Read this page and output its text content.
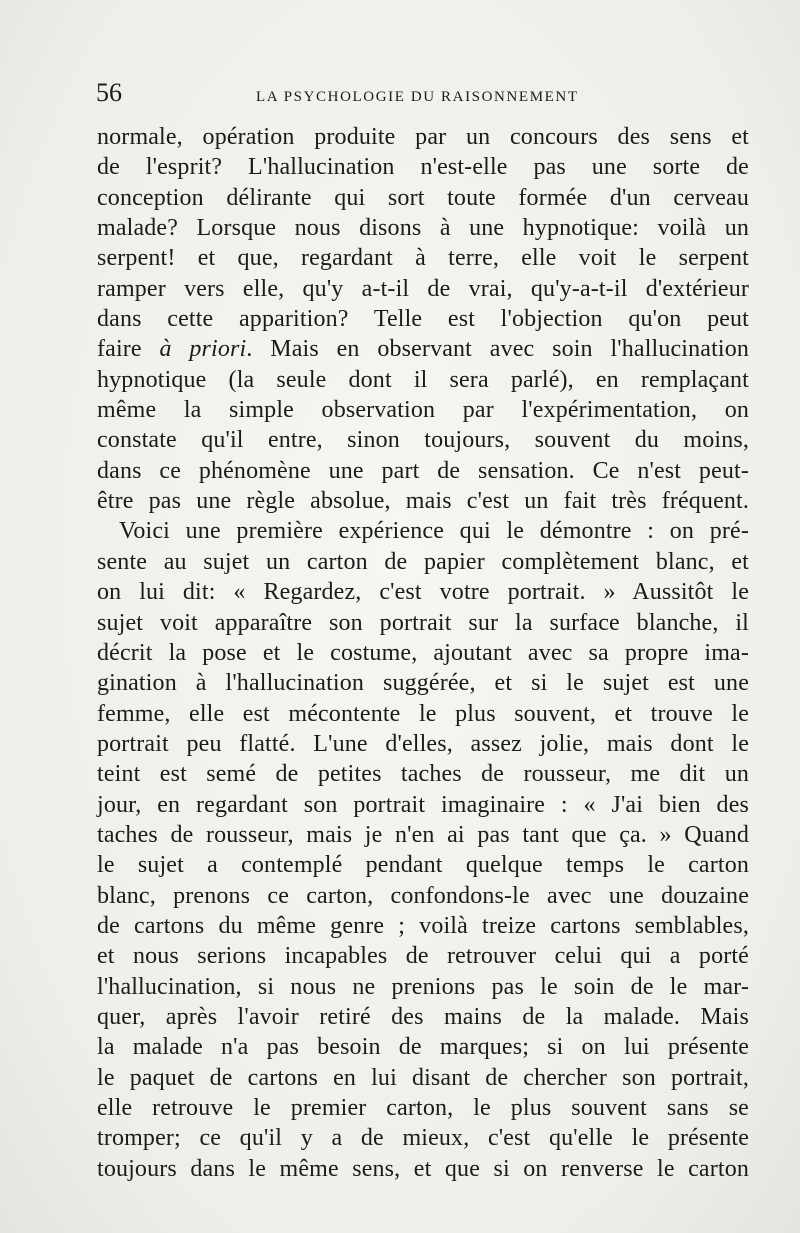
56	LA PSYCHOLOGIE DU RAISONNEMENT
normale, opération produite par un concours des sens et
de l'esprit? L'hallucination n'est-elle pas une sorte de
conception délirante qui sort toute formée d'un cerveau
malade? Lorsque nous disons à une hypnotique: voilà un
serpent! et que, regardant à terre, elle voit le serpent
ramper vers elle, qu'y a-t-il de vrai, qu'y-a-t-il d'extérieur
dans cette apparition? Telle est l'objection qu'on peut
faire à priori. Mais en observant avec soin l'hallucination
hypnotique (la seule dont il sera parlé), en remplaçant
même la simple observation par l'expérimentation, on
constate qu'il entre, sinon toujours, souvent du moins,
dans ce phénomène une part de sensation. Ce n'est peut-
être pas une règle absolue, mais c'est un fait très fréquent.
Voici une première expérience qui le démontre : on pré-
sente au sujet un carton de papier complètement blanc, et
on lui dit: « Regardez, c'est votre portrait. » Aussitôt le
sujet voit apparaître son portrait sur la surface blanche, il
décrit la pose et le costume, ajoutant avec sa propre ima-
gination à l'hallucination suggérée, et si le sujet est une
femme, elle est mécontente le plus souvent, et trouve le
portrait peu flatté. L'une d'elles, assez jolie, mais dont le
teint est semé de petites taches de rousseur, me dit un
jour, en regardant son portrait imaginaire : « J'ai bien des
taches de rousseur, mais je n'en ai pas tant que ça. » Quand
le sujet a contemplé pendant quelque temps le carton
blanc, prenons ce carton, confondons-le avec une douzaine
de cartons du même genre ; voilà treize cartons semblables,
et nous serions incapables de retrouver celui qui a porté
l'hallucination, si nous ne prenions pas le soin de le mar-
quer, après l'avoir retiré des mains de la malade. Mais
la malade n'a pas besoin de marques; si on lui présente
le paquet de cartons en lui disant de chercher son portrait,
elle retrouve le premier carton, le plus souvent sans se
tromper; ce qu'il y a de mieux, c'est qu'elle le présente
toujours dans le même sens, et que si on renverse le carton
